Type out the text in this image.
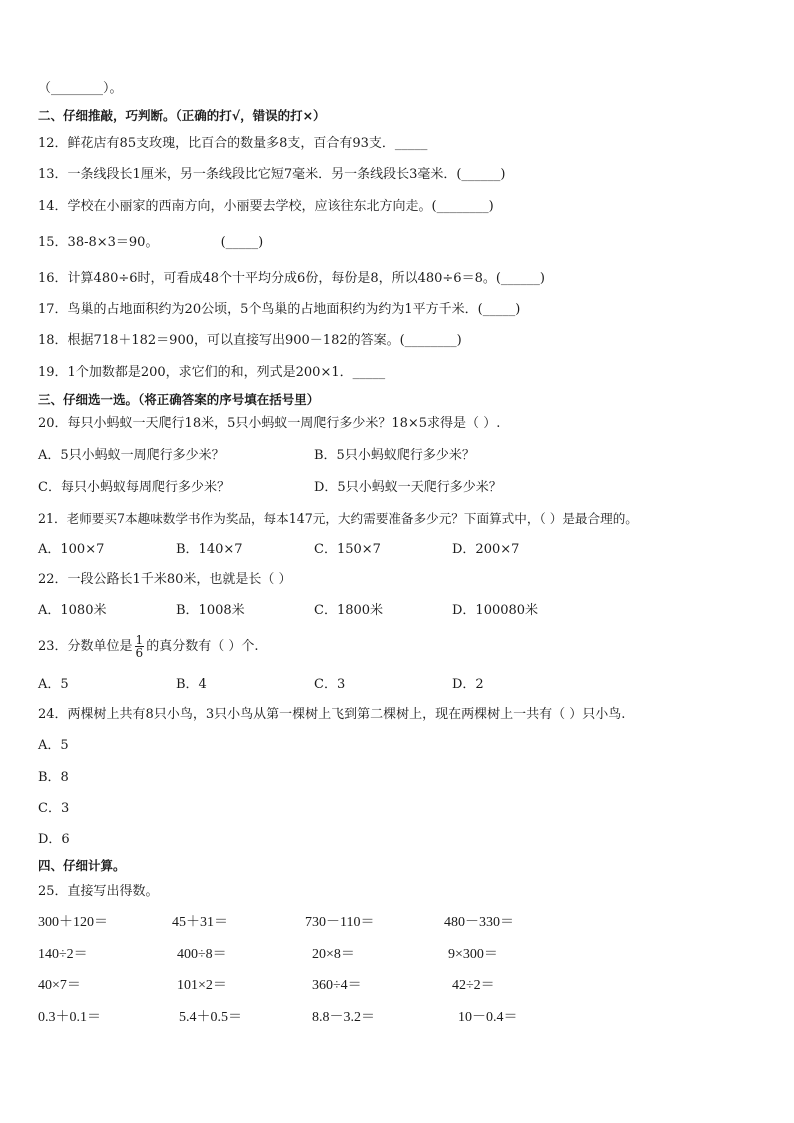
（________）。
二、仔细推敲，巧判断。（正确的打√，错误的打×）
12．鲜花店有85支玫瑰，比百合的数量多8支，百合有93支．_____
13．一条线段长1厘米，另一条线段比它短7毫米．另一条线段长3毫米．(______)
14．学校在小丽家的西南方向，小丽要去学校，应该往东北方向走。(________)
15．38-8×3＝90。	(_____)
16．计算480÷6时，可看成48个十平均分成6份，每份是8，所以480÷6＝8。(______)
17．鸟巢的占地面积约为20公顷，5个鸟巢的占地面积约为约为1平方千米．(_____)
18．根据718＋182＝900，可以直接写出900－182的答案。(________)
19．1个加数都是200，求它们的和，列式是200×1．_____
三、仔细选一选。（将正确答案的序号填在括号里）
20．每只小蚂蚁一天爬行18米，5只小蚂蚁一周爬行多少米？18×5求得是（ ）.
A．5只小蚂蚁一周爬行多少米？	B．5只小蚂蚁爬行多少米？
C．每只小蚂蚁每周爬行多少米？	D．5只小蚂蚁一天爬行多少米？
21．老师要买7本趣味数学书作为奖品，每本147元，大约需要准备多少元？下面算式中，（ ）是最合理的。
A．100×7	B．140×7	C．150×7	D．200×7
22．一段公路长1千米80米，也就是长（ ）
A．1080米	B．1008米	C．1800米	D．100080米
23．分数单位是 $\frac{1}{6}$ 的真分数有（ ）个.
A．5	B．4	C．3	D．2
24．两棵树上共有8只小鸟，3只小鸟从第一棵树上飞到第二棵树上，现在两棵树上一共有（ ）只小鸟.
A．5
B．8
C．3
D．6
四、仔细计算。
25．直接写出得数。
300＋120＝	45＋31＝	730－110＝	480－330＝
140÷2＝	400÷8＝	20×8＝	9×300＝
40×7＝	101×2＝	360÷4＝	42÷2＝
0.3＋0.1＝	5.4＋0.5＝	8.8－3.2＝	10－0.4＝
